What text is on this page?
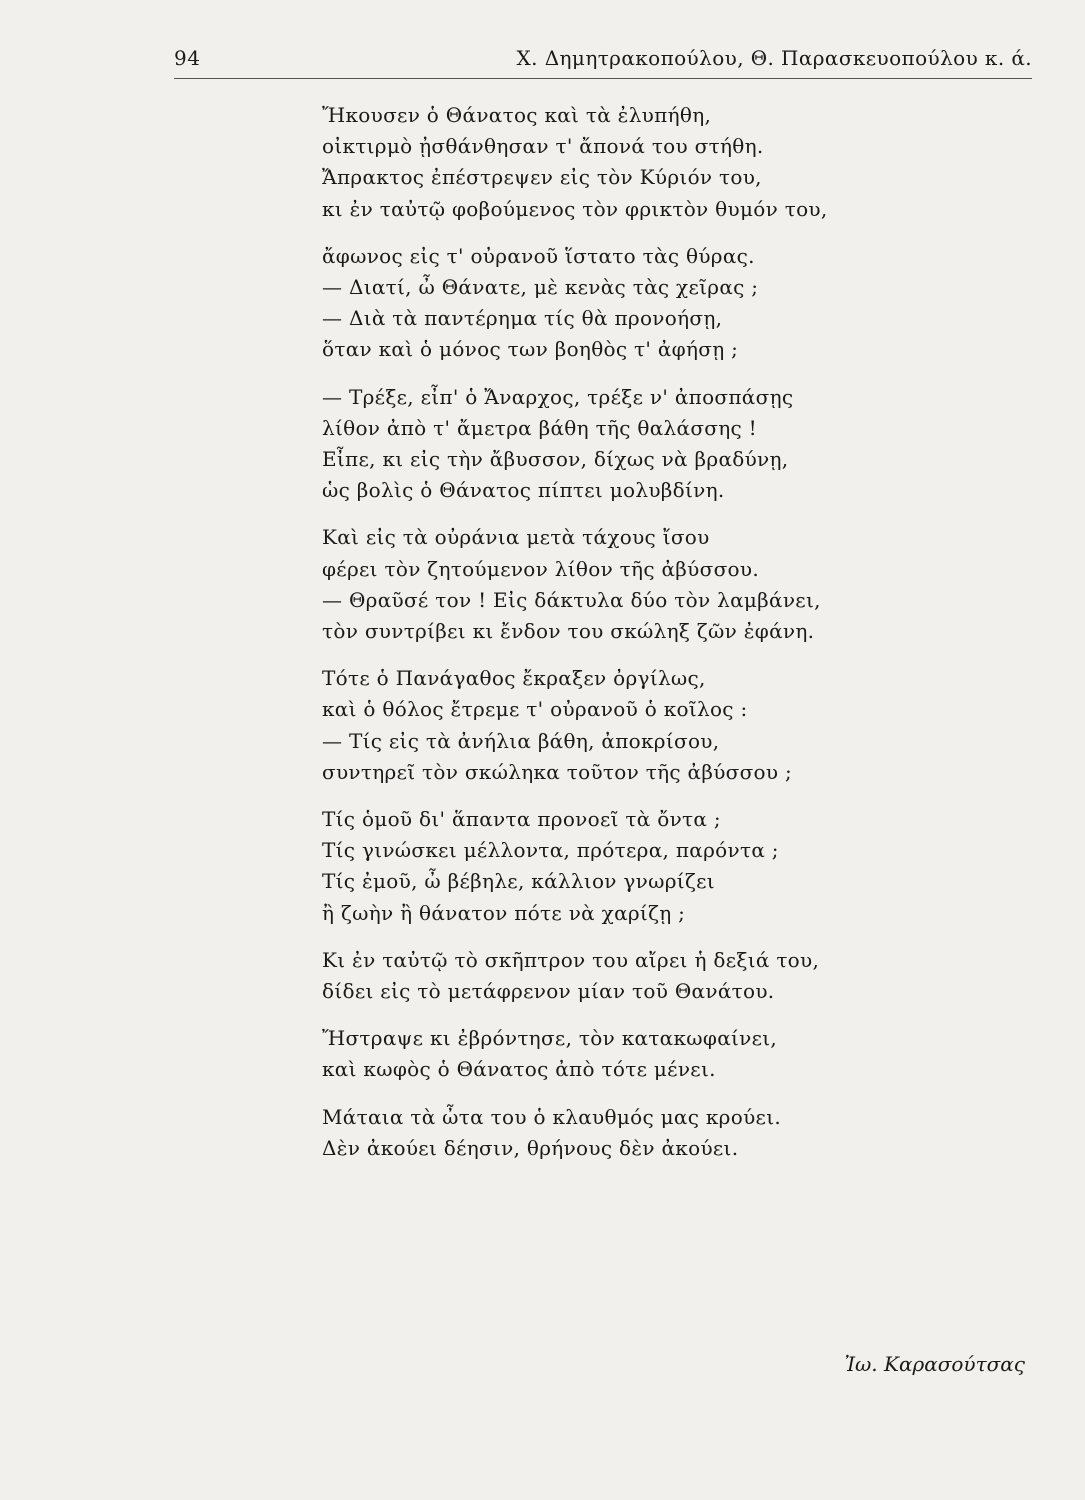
94	Χ. Δημητρακοπούλου, Θ. Παρασκευοπούλου κ. ά.
Ἤκουσεν ὁ Θάνατος καὶ τὰ ἐλυπήθη,
οἰκτιρμὸ ᾐσθάνθησαν τ' ἄπονά του στήθη.
Ἄπρακτος ἐπέστρεψεν εἰς τὸν Κύριόν του,
κι ἐν ταὐτῷ φοβούμενος τὸν φρικτὸν θυμόν του,
ἄφωνος εἰς τ' οὐρανοῦ ἵστατο τὰς θύρας.
— Διατί, ὦ Θάνατε, μὲ κενὰς τὰς χεῖρας ;
— Διὰ τὰ παντέρημα τίς θὰ προνοήσῃ,
ὅταν καὶ ὁ μόνος των βοηθὸς τ' ἀφήσῃ ;
— Τρέξε, εἶπ' ὁ Ἄναρχος, τρέξε ν' ἀποσπάσῃς
λίθον ἀπὸ τ' ἄμετρα βάθη τῆς θαλάσσης !
Εἶπε, κι εἰς τὴν ἄβυσσον, δίχως νὰ βραδύνῃ,
ὡς βολὶς ὁ Θάνατος πίπτει μολυβδίνη.
Καὶ εἰς τὰ οὐράνια μετὰ τάχους ἴσου
φέρει τὸν ζητούμενον λίθον τῆς ἀβύσσου.
— Θραῦσέ τον ! Εἰς δάκτυλα δύο τὸν λαμβάνει,
τὸν συντρίβει κι ἔνδον του σκώληξ ζῶν ἐφάνη.
Τότε ὁ Πανάγαθος ἔκραξεν ὀργίλως,
καὶ ὁ θόλος ἔτρεμε τ' οὐρανοῦ ὁ κοῖλος :
— Τίς εἰς τὰ ἀνήλια βάθη, ἀποκρίσου,
συντηρεῖ τὸν σκώληκα τοῦτον τῆς ἀβύσσου ;
Τίς ὁμοῦ δι' ἅπαντα προνοεῖ τὰ ὄντα ;
Τίς γινώσκει μέλλοντα, πρότερα, παρόντα ;
Τίς ἐμοῦ, ὦ βέβηλε, κάλλιον γνωρίζει
ἢ ζωὴν ἢ θάνατον πότε νὰ χαρίζῃ ;
Κι ἐν ταὐτῷ τὸ σκῆπτρον του αἴρει ἡ δεξιά του,
δίδει εἰς τὸ μετάφρενον μίαν τοῦ Θανάτου.
Ἤστραψε κι ἐβρόντησε, τὸν κατακωφαίνει,
καὶ κωφὸς ὁ Θάνατος ἀπὸ τότε μένει.
Μάταια τὰ ὦτα του ὁ κλαυθμός μας κρούει.
Δὲν ἀκούει δέησιν, θρήνους δὲν ἀκούει.
Ἰω. Καρασούτσας
